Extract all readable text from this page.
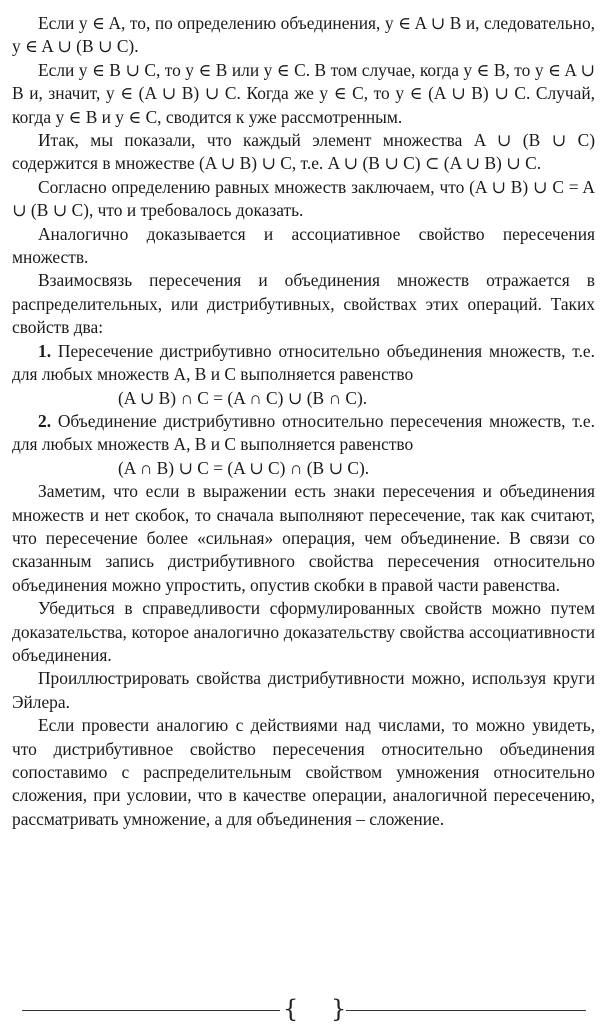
Если y ∈ A, то, по определению объединения, y ∈ A ∪ B и, следовательно, y ∈ A ∪ (B ∪ C).

Если y ∈ B ∪ C, то y ∈ B или y ∈ C. В том случае, когда y ∈ B, то y ∈ A ∪ B и, значит, y ∈ (A ∪ B) ∪ C. Когда же y ∈ C, то y ∈ (A ∪ B) ∪ C. Случай, когда y ∈ B и y ∈ C, сводится к уже рассмотренным.

Итак, мы показали, что каждый элемент множества A ∪ (B ∪ C) содержится в множестве (A ∪ B) ∪ C, т.е. A ∪ (B ∪ C) ⊂ (A ∪ B) ∪ C.

Согласно определению равных множеств заключаем, что (A ∪ B) ∪ C = A ∪ (B ∪ C), что и требовалось доказать.

Аналогично доказывается и ассоциативное свойство пересечения множеств.

Взаимосвязь пересечения и объединения множеств отражается в распределительных, или дистрибутивных, свойствах этих операций. Таких свойств два:

1. Пересечение дистрибутивно относительно объединения множеств, т.е. для любых множеств A, B и C выполняется равенство

(A ∪ B) ∩ C = (A ∩ C) ∪ (B ∩ C).

2. Объединение дистрибутивно относительно пересечения множеств, т.е. для любых множеств A, B и C выполняется равенство

(A ∩ B) ∪ C = (A ∪ C) ∩ (B ∪ C).

Заметим, что если в выражении есть знаки пересечения и объединения множеств и нет скобок, то сначала выполняют пересечение, так как считают, что пересечение более «сильная» операция, чем объединение. В связи со сказанным запись дистрибутивного свойства пересечения относительно объединения можно упростить, опустив скобки в правой части равенства.

Убедиться в справедливости сформулированных свойств можно путем доказательства, которое аналогично доказательству свойства ассоциативности объединения.

Проиллюстрировать свойства дистрибутивности можно, используя круги Эйлера.

Если провести аналогию с действиями над числами, то можно увидеть, что дистрибутивное свойство пересечения относительно объединения сопоставимо с распределительным свойством умножения относительно сложения, при условии, что в качестве операции, аналогичной пересечению, рассматривать умножение, а для объединения – сложение.

{ }
